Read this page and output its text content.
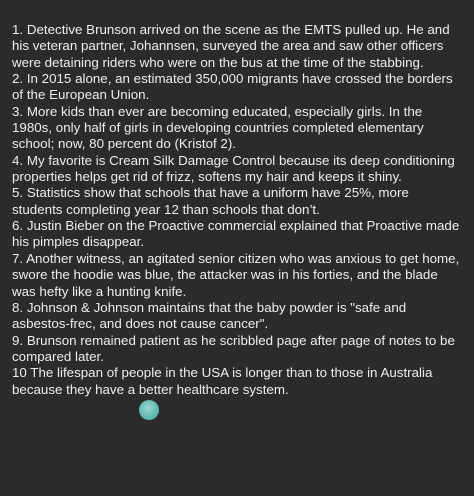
1. Detective Brunson arrived on the scene as the EMTS pulled up. He and his veteran partner, Johannsen, surveyed the area and saw other officers were detaining riders who were on the bus at the time of the stabbing.

2. In 2015 alone, an estimated 350,000 migrants have crossed the borders of the European Union.

3. More kids than ever are becoming educated, especially girls. In the 1980s, only half of girls in developing countries completed elementary school; now, 80 percent do (Kristof 2).

4. My favorite is Cream Silk Damage Control because its deep conditioning properties helps get rid of frizz, softens my hair and keeps it shiny.

5. Statistics show that schools that have a uniform have 25%, more students completing year 12 than schools that don’t.

6. Justin Bieber on the Proactive commercial explained that Proactive made his pimples disappear.

7. Another witness, an agitated senior citizen who was anxious to get home, swore the hoodie was blue, the attacker was in his forties, and the blade was hefty like a hunting knife.

8. Johnson & Johnson maintains that the baby powder is "safe and asbestos-frec, and does not cause cancer".

9. Brunson remained patient as he scribbled page after page of notes to be compared later.

10 The lifespan of people in the USA is longer than to those in Australia because they have a better healthcare system.
